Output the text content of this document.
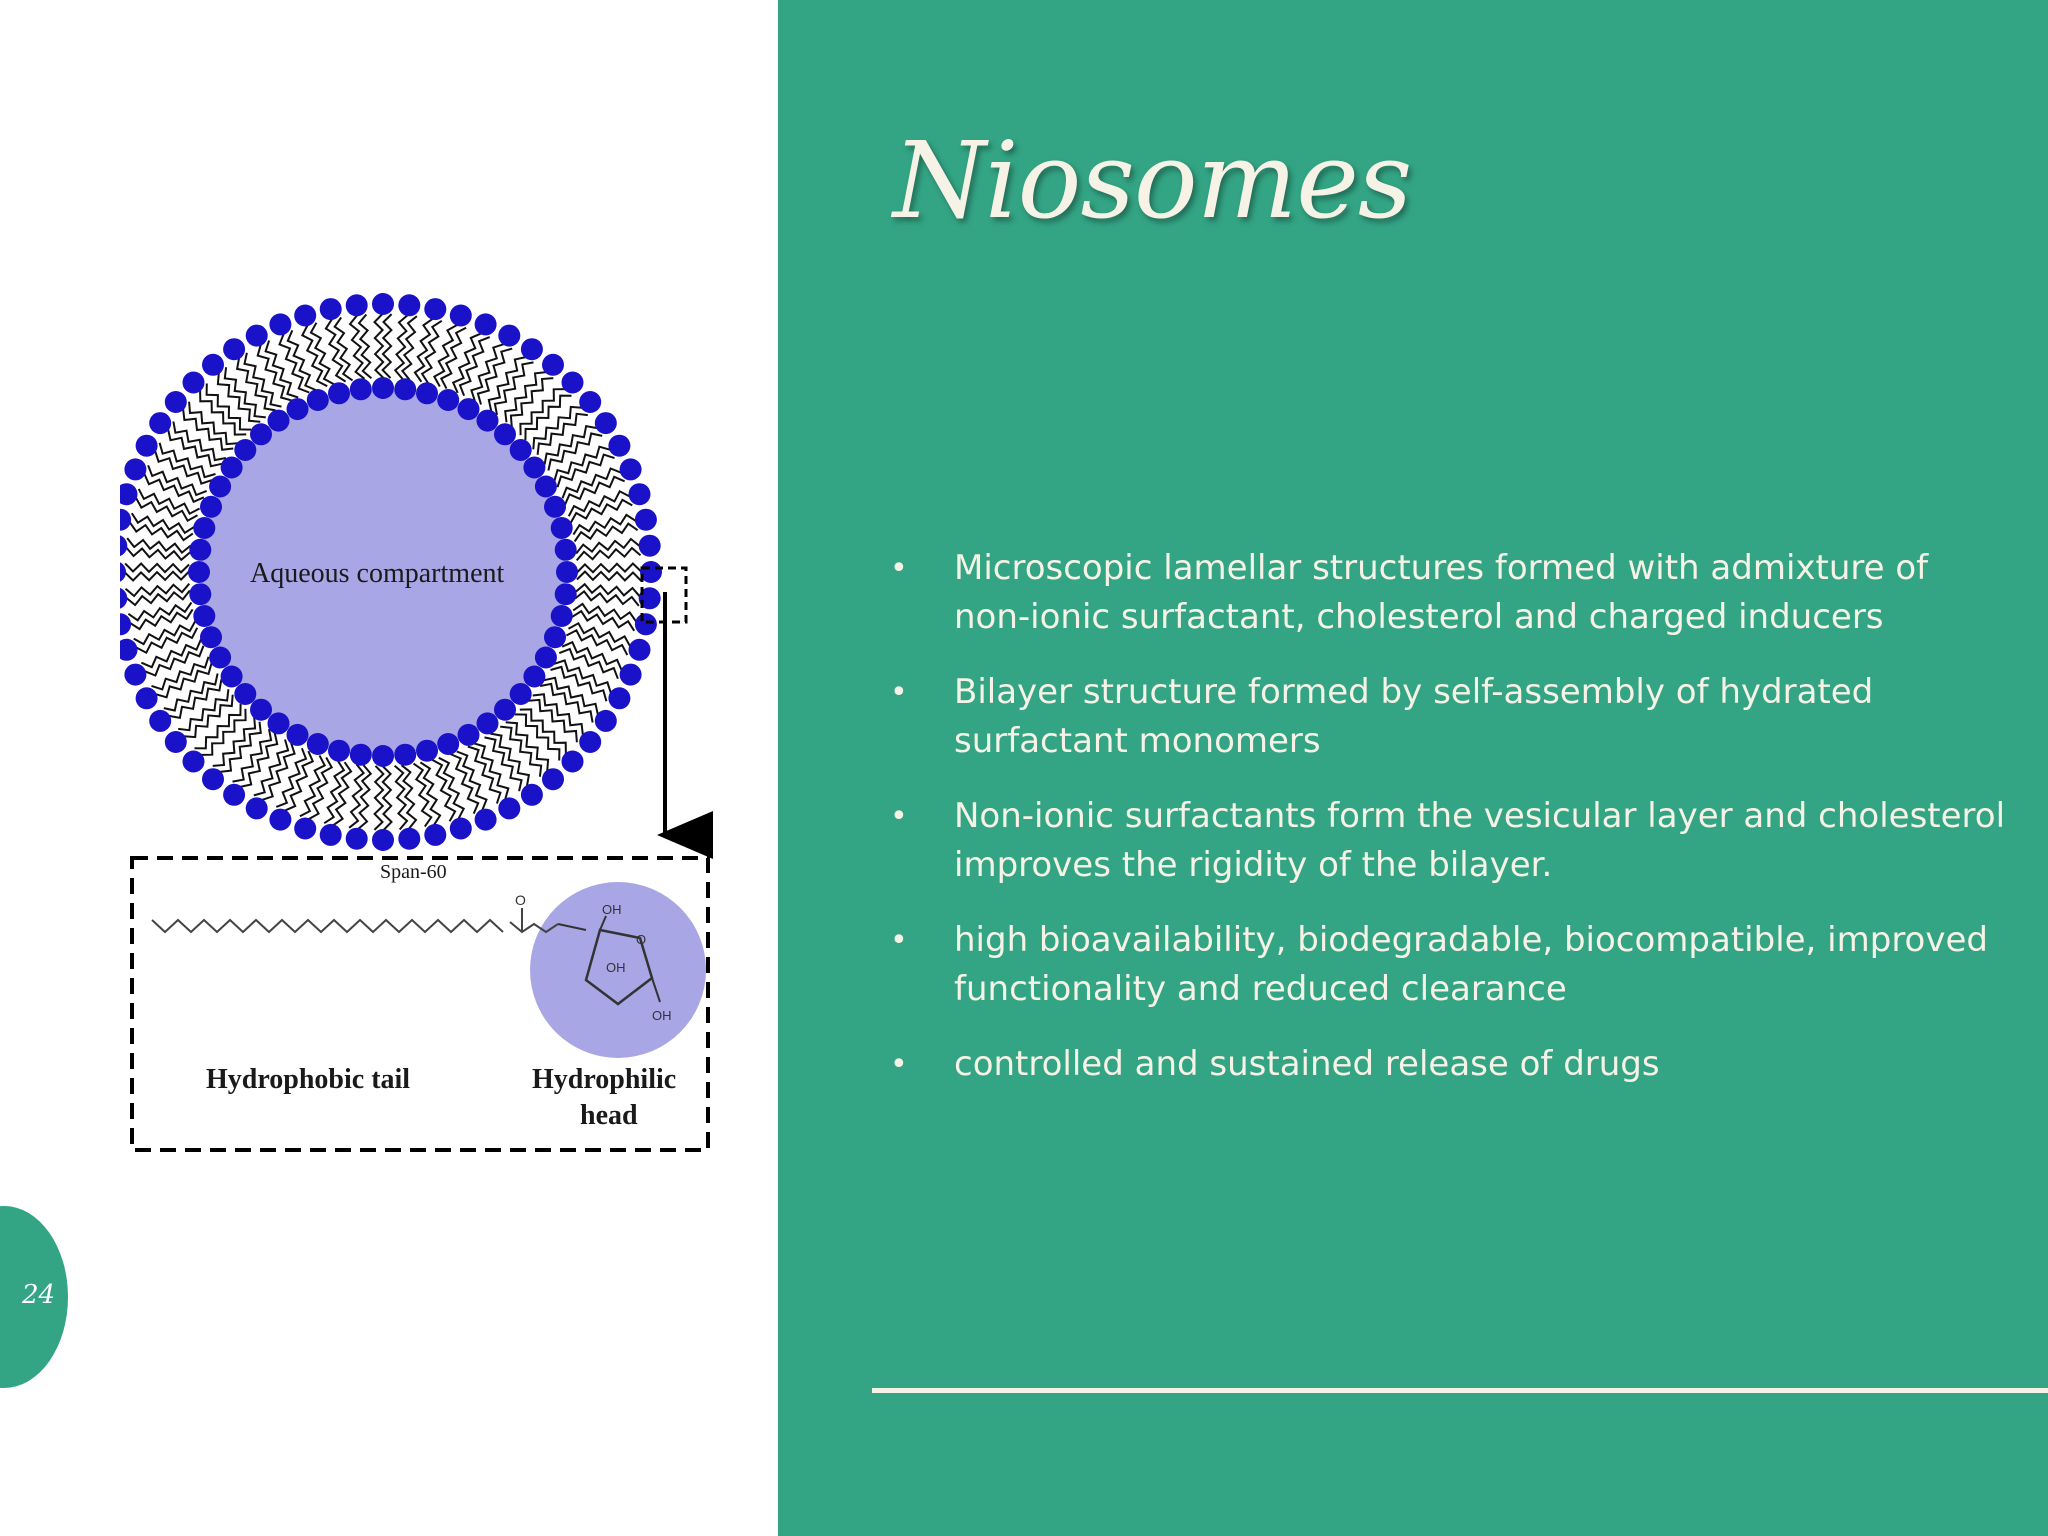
Niosomes
• Microscopic lamellar structures formed with admixture of non-ionic surfactant, cholesterol and charged inducers
• Bilayer structure formed by self-assembly of hydrated surfactant monomers
• Non-ionic surfactants form the vesicular layer and cholesterol improves the rigidity of the bilayer.
• high bioavailability, biodegradable, biocompatible, improved functionality and reduced clearance
• controlled and sustained release of drugs
24
Aqueous compartment
Span-60
O
OH
O
OH
OH
Hydrophobic tail	Hydrophilic
head
